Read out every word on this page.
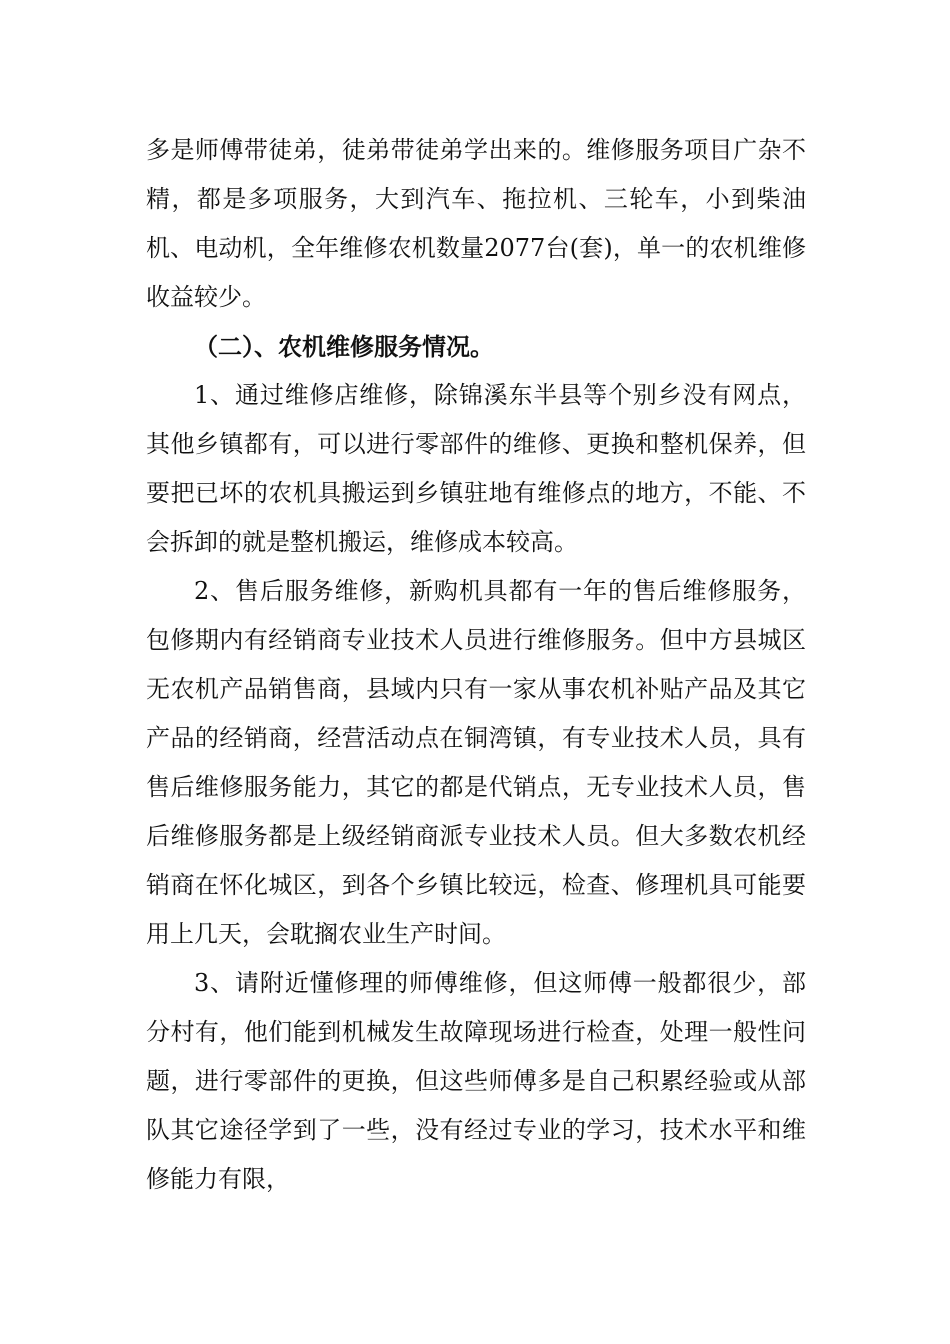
多是师傅带徒弟，徒弟带徒弟学出来的。维修服务项目广杂不精，都是多项服务，大到汽车、拖拉机、三轮车，小到柴油机、电动机，全年维修农机数量2077台(套)，单一的农机维修收益较少。

（二）、农机维修服务情况。

1、通过维修店维修，除锦溪东半县等个别乡没有网点，其他乡镇都有，可以进行零部件的维修、更换和整机保养，但要把已坏的农机具搬运到乡镇驻地有维修点的地方，不能、不会拆卸的就是整机搬运，维修成本较高。

2、售后服务维修，新购机具都有一年的售后维修服务，包修期内有经销商专业技术人员进行维修服务。但中方县城区无农机产品销售商，县域内只有一家从事农机补贴产品及其它产品的经销商，经营活动点在铜湾镇，有专业技术人员，具有售后维修服务能力，其它的都是代销点，无专业技术人员，售后维修服务都是上级经销商派专业技术人员。但大多数农机经销商在怀化城区，到各个乡镇比较远，检查、修理机具可能要用上几天，会耽搁农业生产时间。

3、请附近懂修理的师傅维修，但这师傅一般都很少，部分村有，他们能到机械发生故障现场进行检查，处理一般性问题，进行零部件的更换，但这些师傅多是自己积累经验或从部队其它途径学到了一些，没有经过专业的学习，技术水平和维修能力有限，
